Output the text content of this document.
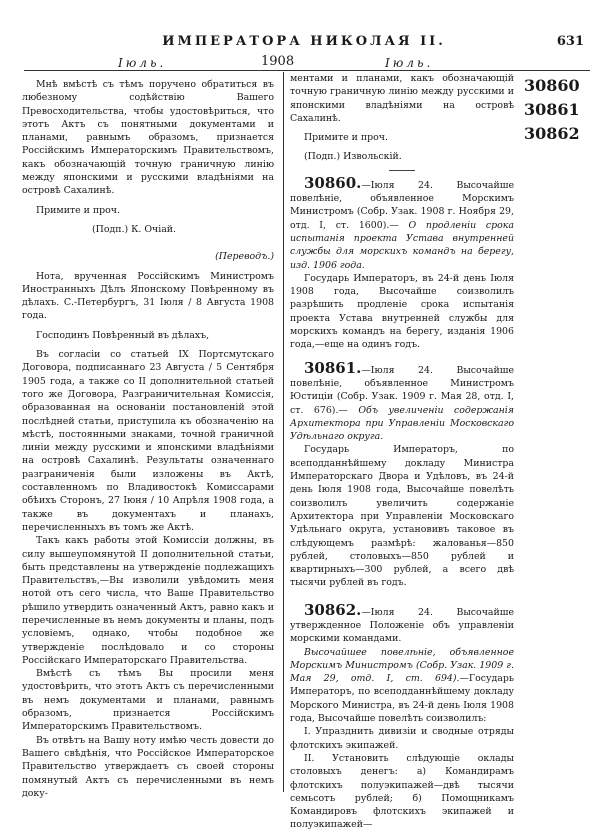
ИМПЕРАТОРА НИКОЛАЯ II.	631
Іюль.	1908	Іюль.

Мнѣ вмѣстѣ съ тѣмъ поручено обратиться въ любезному содѣйствію Вашего Превосходительства, чтобы удостовѣриться, что этотъ Актъ съ понятными документами и планами, равнымъ образомъ, признается Россійскимъ Императорскимъ Правительствомъ, какъ обозначающій точную граничную линію между японскими и русскими владѣніями на островѣ Сахалинѣ.

Примите и проч.

(Подп.) К. Очіай.

(Переводъ.)

Нота, врученная Россійскимъ Министромъ Иностранныхъ Дѣлъ Японскому Повѣренному въ дѣлахъ. С.-Петербургъ, 31 Іюля / 8 Августа 1908 года.

Господинъ Повѣренный въ дѣлахъ,

Въ согласіи со статьей IX Портсмутскаго Договора, подписаннаго 23 Августа / 5 Сентября 1905 года, а также со II дополнительной статьей того же Договора, Разграничительная Комиссія, образованная на основаніи постановленій этой послѣдней статьи, приступила къ обозначенію на мѣстѣ, постоянными знаками, точной граничной линіи между русскими и японскими владѣніями на островѣ Сахалинѣ. Результаты означеннаго разграниченія были изложены въ Актѣ, составленномъ по Владивостокѣ Комиссарами обѣихъ Сторонъ, 27 Іюня / 10 Апрѣля 1908 года, а также въ документахъ и планахъ, перечисленныхъ въ томъ же Актѣ.

Такъ какъ работы этой Комиссіи должны, въ силу вышеупомянутой II дополнительной статьи, быть представлены на утвержденіе подлежащихъ Правительствъ,—Вы изволили увѣдомить меня нотой отъ сего числа, что Ваше Правительство рѣшило утвердить означенный Актъ, равно какъ и перечисленные въ немъ документы и планы, подъ условіемъ, однако, чтобы подобное же утвержденіе послѣдовало и со стороны Россійскаго Императорскаго Правительства.

Вмѣстѣ съ тѣмъ Вы просили меня удостовѣрить, что этотъ Актъ съ перечисленными въ немъ документами и планами, равнымъ образомъ, признается Россійскимъ Императорскимъ Правительствомъ.

Въ отвѣтъ на Вашу ноту имѣю честь довести до Вашего свѣдѣнія, что Россійское Императорское Правительство утверждаетъ съ своей стороны помянутый Актъ съ перечисленными въ немъ доку-

ментами и планами, какъ обозначающій точную граничную линію между русскими и японскими владѣніями на островѣ Сахалинѣ.

Примите и проч.

(Подп.) Извольскій.

30860.—Іюля 24. Высочайше повелѣніе, объявленное Морскимъ Министромъ (Собр. Узак. 1908 г. Ноября 29, отд. I, ст. 1600).— О продленіи срока испытанія проекта Устава внутренней службы для морскихъ командъ на берегу, изд. 1906 года.

Государь Императоръ, въ 24-й день Іюля 1908 года, Высочайше соизволилъ разрѣшить продленіе срока испытанія проекта Устава внутренней службы для морскихъ командъ на берегу, изданія 1906 года,—еще на одинъ годъ.

30861.—Іюля 24. Высочайше повелѣніе, объявленное Министромъ Юстиціи (Собр. Узак. 1909 г. Мая 28, отд. I, ст. 676).— Объ увеличеніи содержанія Архитектора при Управленіи Московскаго Удѣльнаго округа.

Государь Императоръ, по всеподданнѣйшему докладу Министра Императорскаго Двора и Удѣловъ, въ 24-й день Іюля 1908 года, Высочайше повелѣть соизволилъ увеличить содержаніе Архитектора при Управленіи Московскаго Удѣльнаго округа, установивъ таковое въ слѣдующемъ размѣрѣ: жалованья—850 рублей, столовыхъ—850 рублей и квартирныхъ—300 рублей, а всего двѣ тысячи рублей въ годъ.

30862.—Іюля 24. Высочайше утвержденное Положеніе объ управленіи морскими командами.

Высочайшее повелѣніе, объявленное Морскимъ Министромъ (Собр. Узак. 1909 г. Мая 29, отд. I, ст. 694).—Государь Императоръ, по всеподданнѣйшему докладу Морского Министра, въ 24-й день Іюля 1908 года, Высочайше повелѣть соизволилъ:

I. Упразднить дивизіи и сводные отряды флотскихъ экипажей.

II. Установить слѣдующіе оклады столовыхъ денегъ: а) Командирамъ флотскихъ полуэкипажей—двѣ тысячи семьсотъ рублей; б) Помощникамъ Командировъ флотскихъ экипажей и полуэкипажей—

30860
30861
30862
